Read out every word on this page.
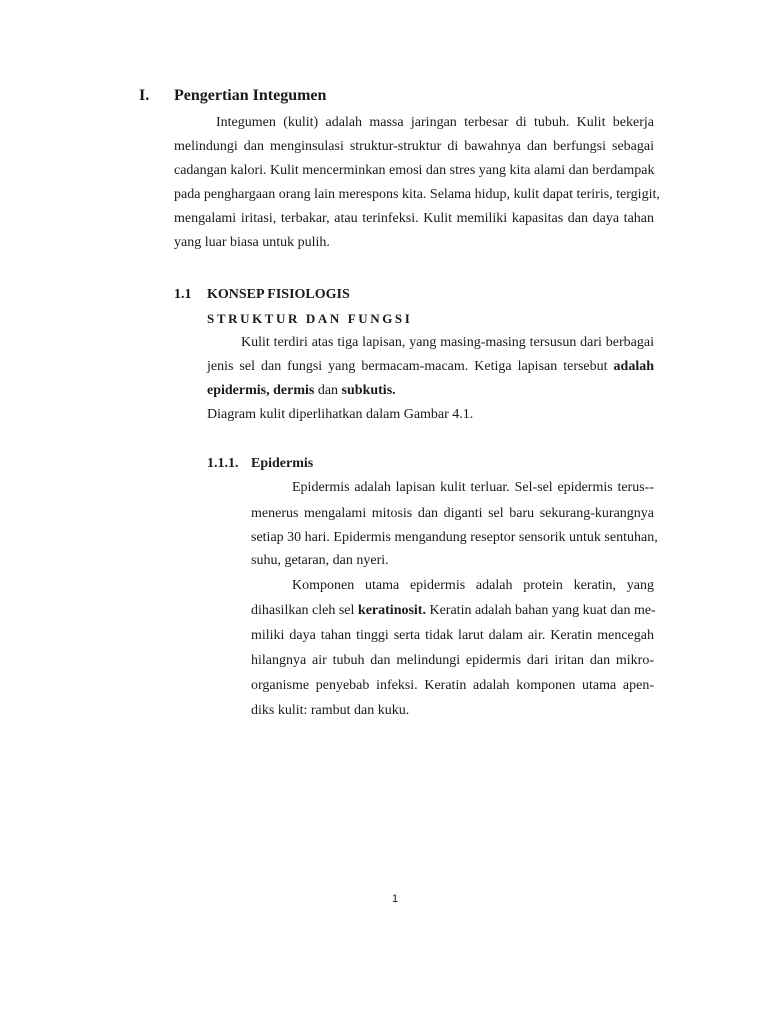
I. Pengertian Integumen
Integumen (kulit) adalah massa jaringan terbesar di tubuh. Kulit bekerja
melindungi dan menginsulasi struktur-struktur di bawahnya dan berfungsi sebagai
cadangan kalori. Kulit mencerminkan emosi dan stres yang kita alami dan berdampak
pada penghargaan orang lain merespons kita. Selama hidup, kulit dapat teriris, tergigit,
mengalami iritasi, terbakar, atau terinfeksi. Kulit memiliki kapasitas dan daya tahan
yang luar biasa untuk pulih.
1.1 KONSEP FISIOLOGIS
STRUKTUR DAN FUNGSI
Kulit terdiri atas tiga lapisan, yang masing-masing tersusun dari berbagai
jenis sel dan fungsi yang bermacam-macam. Ketiga lapisan tersebut adalah
epidermis, dermis dan subkutis.
Diagram kulit diperlihatkan dalam Gambar 4.1.
1.1.1. Epidermis
Epidermis adalah lapisan kulit terluar. Sel-sel epidermis terus--
menerus mengalami mitosis dan diganti sel baru sekurang-kurangnya
setiap 30 hari. Epidermis mengandung reseptor sensorik untuk sentuhan,
suhu, getaran, dan nyeri.
Komponen utama epidermis adalah protein keratin, yang
dihasilkan cleh sel keratinosit. Keratin adalah bahan yang kuat dan me-
miliki daya tahan tinggi serta tidak larut dalam air. Keratin mencegah
hilangnya air tubuh dan melindungi epidermis dari iritan dan mikro-
organisme penyebab infeksi. Keratin adalah komponen utama apen-
diks kulit: rambut dan kuku.
1
